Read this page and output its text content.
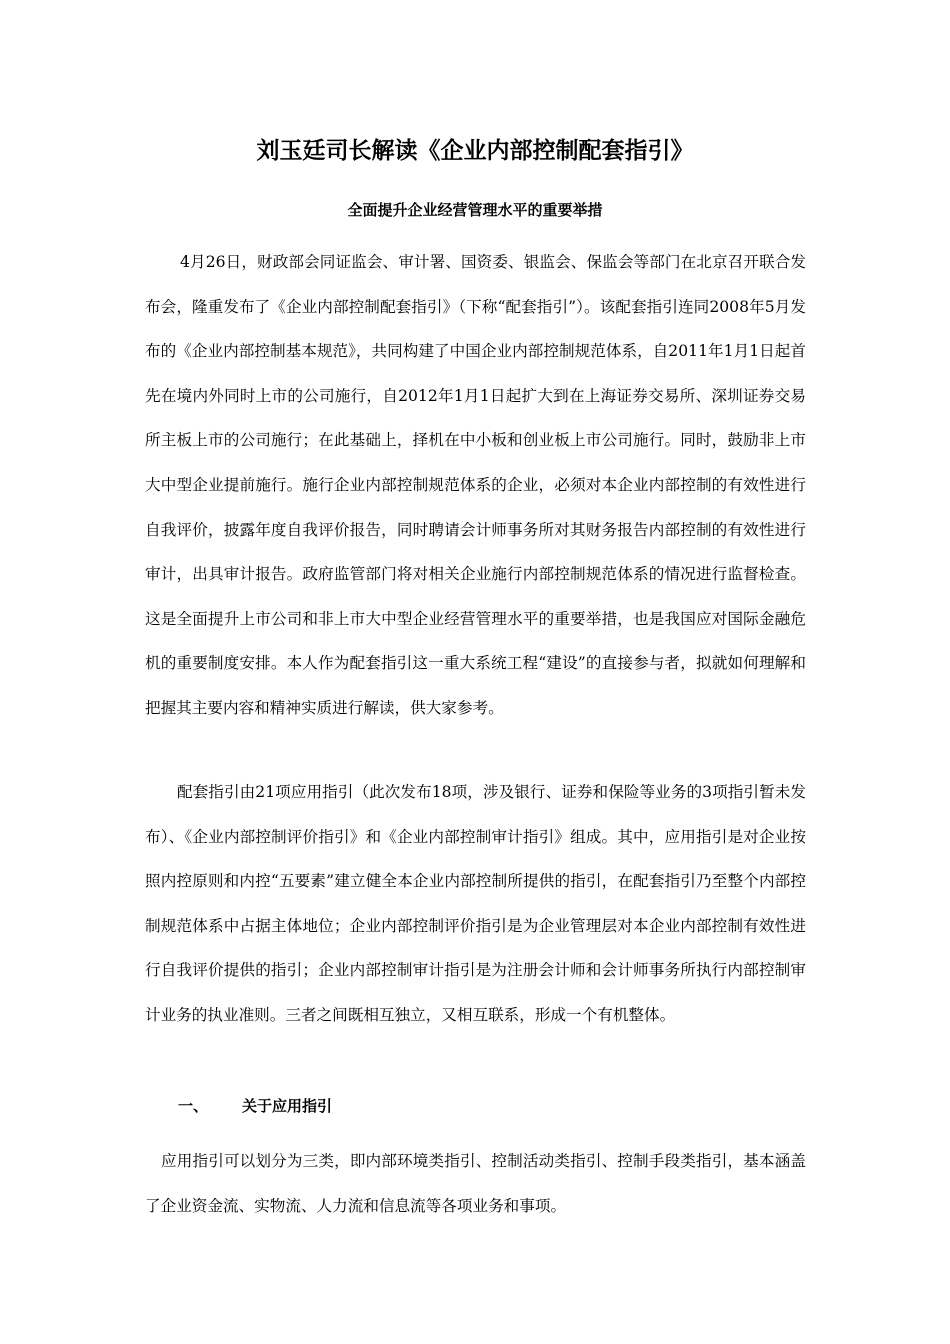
刘玉廷司长解读《企业内部控制配套指引》
全面提升企业经营管理水平的重要举措

4月26日，财政部会同证监会、审计署、国资委、银监会、保监会等部门在北京召开联合发布会，隆重发布了《企业内部控制配套指引》（下称“配套指引”）。该配套指引连同2008年5月发布的《企业内部控制基本规范》，共同构建了中国企业内部控制规范体系，自2011年1月1日起首先在境内外同时上市的公司施行，自2012年1月1日起扩大到在上海证券交易所、深圳证券交易所主板上市的公司施行；在此基础上，择机在中小板和创业板上市公司施行。同时，鼓励非上市大中型企业提前施行。施行企业内部控制规范体系的企业，必须对本企业内部控制的有效性进行自我评价，披露年度自我评价报告，同时聘请会计师事务所对其财务报告内部控制的有效性进行审计，出具审计报告。政府监管部门将对相关企业施行内部控制规范体系的情况进行监督检查。这是全面提升上市公司和非上市大中型企业经营管理水平的重要举措，也是我国应对国际金融危机的重要制度安排。本人作为配套指引这一重大系统工程“建设”的直接参与者，拟就如何理解和把握其主要内容和精神实质进行解读，供大家参考。

配套指引由21项应用指引（此次发布18项，涉及银行、证券和保险等业务的3项指引暂未发布）、《企业内部控制评价指引》和《企业内部控制审计指引》组成。其中，应用指引是对企业按照内控原则和内控“五要素”建立健全本企业内部控制所提供的指引，在配套指引乃至整个内部控制规范体系中占据主体地位；企业内部控制评价指引是为企业管理层对本企业内部控制有效性进行自我评价提供的指引；企业内部控制审计指引是为注册会计师和会计师事务所执行内部控制审计业务的执业准则。三者之间既相互独立，又相互联系，形成一个有机整体。

一、 关于应用指引

应用指引可以划分为三类，即内部环境类指引、控制活动类指引、控制手段类指引，基本涵盖了企业资金流、实物流、人力流和信息流等各项业务和事项。
